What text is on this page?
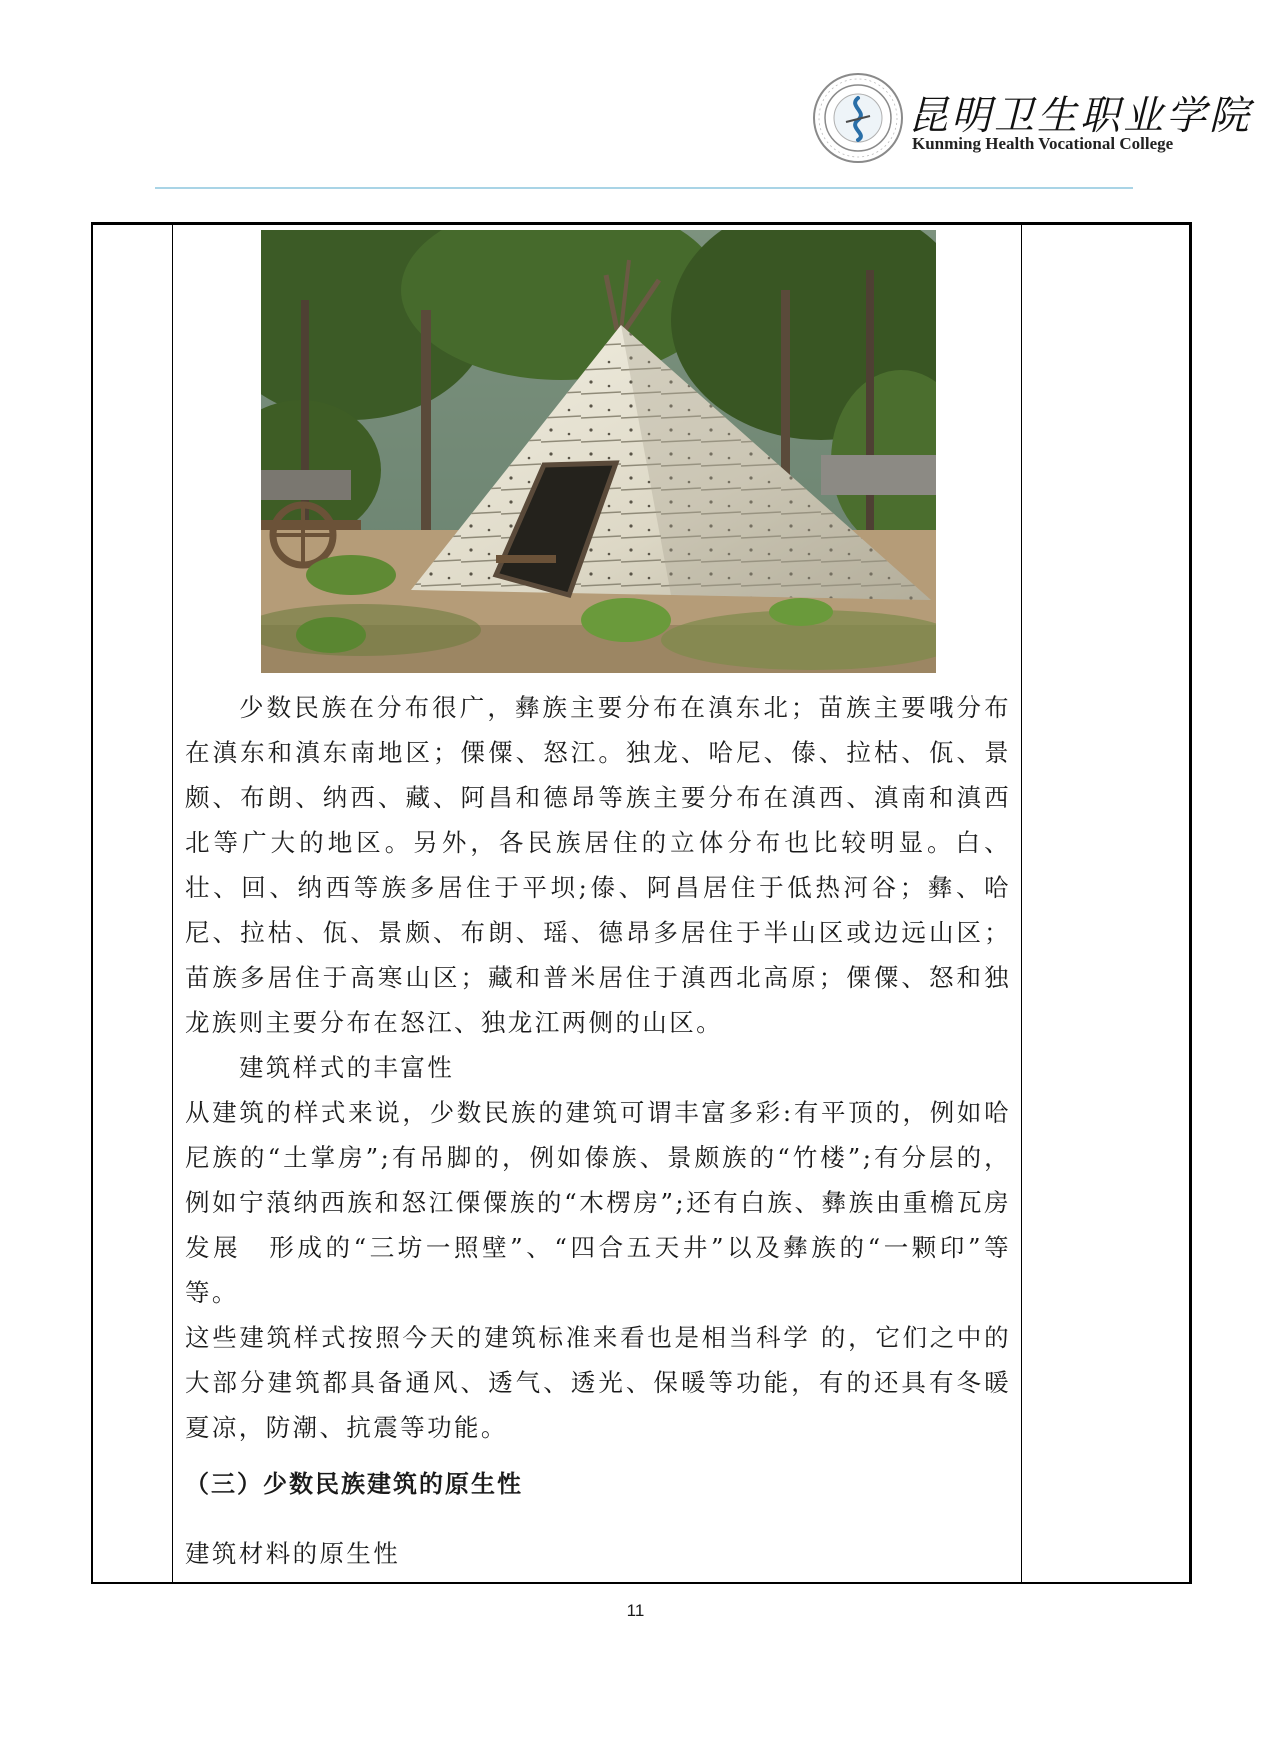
昆明卫生职业学院
Kunming Health Vocational College

少数民族在分布很广，彝族主要分布在滇东北；苗族主要哦分布在滇东和滇东南地区；傈僳、怒江。独龙、哈尼、傣、拉枯、佤、景颇、布朗、纳西、藏、阿昌和德昂等族主要分布在滇西、滇南和滇西北等广大的地区。另外，各民族居住的立体分布也比较明显。白、壮、回、纳西等族多居住于平坝;傣、阿昌居住于低热河谷；彝、哈尼、拉枯、佤、景颇、布朗、瑶、德昂多居住于半山区或边远山区；苗族多居住于高寒山区；藏和普米居住于滇西北高原；傈僳、怒和独龙族则主要分布在怒江、独龙江两侧的山区。

建筑样式的丰富性

从建筑的样式来说，少数民族的建筑可谓丰富多彩:有平顶的，例如哈尼族的“土掌房”;有吊脚的，例如傣族、景颇族的“竹楼”;有分层的，例如宁蒗纳西族和怒江傈僳族的“木楞房”;还有白族、彝族由重檐瓦房　发展　形成的“三坊一照壁”、“四合五天井”以及彝族的“一颗印”等等。

这些建筑样式按照今天的建筑标准来看也是相当科学 的，它们之中的大部分建筑都具备通风、透气、透光、保暖等功能，有的还具有冬暖夏凉，防潮、抗震等功能。

（三）少数民族建筑的原生性

建筑材料的原生性

11
